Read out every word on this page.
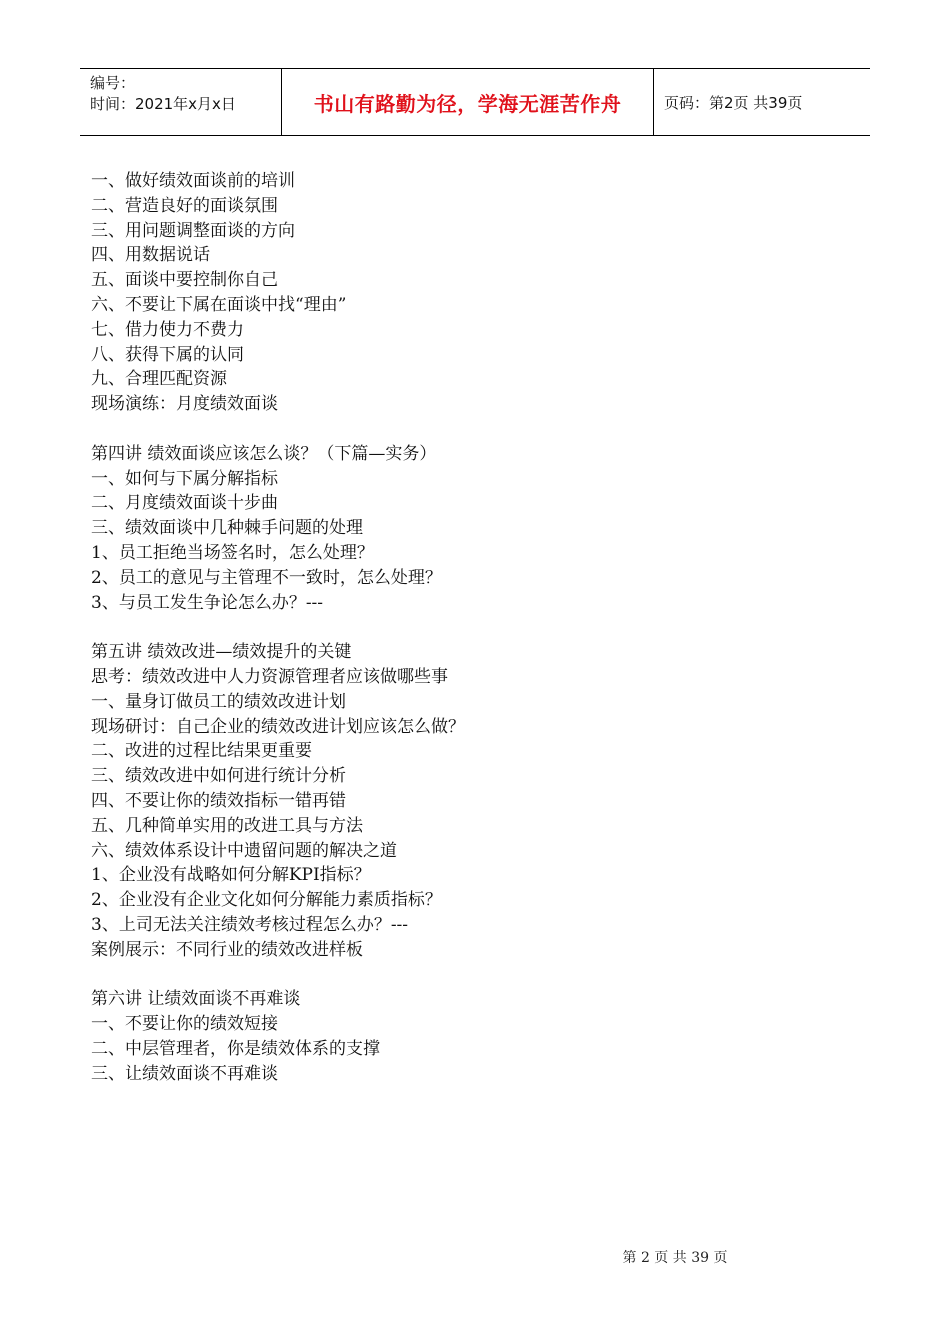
编号：
时间：2021年x月x日	书山有路勤为径，学海无涯苦作舟	页码：第2页 共39页
一、做好绩效面谈前的培训
二、营造良好的面谈氛围
三、用问题调整面谈的方向
四、用数据说话
五、面谈中要控制你自己
六、不要让下属在面谈中找“理由”
七、借力使力不费力
八、获得下属的认同
九、合理匹配资源
现场演练：月度绩效面谈
第四讲 绩效面谈应该怎么谈？（下篇—实务）
一、如何与下属分解指标
二、月度绩效面谈十步曲
三、绩效面谈中几种棘手问题的处理
1、员工拒绝当场签名时，怎么处理？
2、员工的意见与主管理不一致时，怎么处理？
3、与员工发生争论怎么办？---
第五讲 绩效改进—绩效提升的关键
思考：绩效改进中人力资源管理者应该做哪些事
一、量身订做员工的绩效改进计划
现场研讨：自己企业的绩效改进计划应该怎么做？
二、改进的过程比结果更重要
三、绩效改进中如何进行统计分析
四、不要让你的绩效指标一错再错
五、几种简单实用的改进工具与方法
六、绩效体系设计中遗留问题的解决之道
1、企业没有战略如何分解KPI指标？
2、企业没有企业文化如何分解能力素质指标？
3、上司无法关注绩效考核过程怎么办？---
案例展示：不同行业的绩效改进样板
第六讲 让绩效面谈不再难谈
一、不要让你的绩效短接
二、中层管理者，你是绩效体系的支撑
三、让绩效面谈不再难谈
第 2 页 共 39 页
